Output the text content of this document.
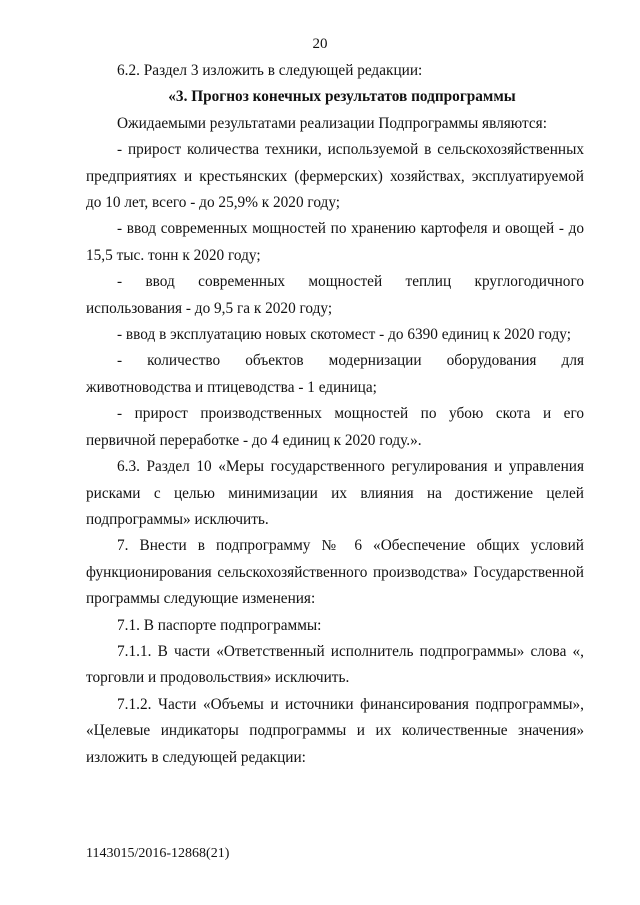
20

6.2. Раздел 3 изложить в следующей редакции:

«3. Прогноз конечных результатов подпрограммы

Ожидаемыми результатами реализации Подпрограммы являются:

- прирост количества техники, используемой в сельскохозяйственных предприятиях и крестьянских (фермерских) хозяйствах, эксплуатируемой до 10 лет, всего - до 25,9% к 2020 году;

- ввод современных мощностей по хранению картофеля и овощей - до 15,5 тыс. тонн к 2020 году;

- ввод современных мощностей теплиц круглогодичного использования - до 9,5 га к 2020 году;

- ввод в эксплуатацию новых скотомест - до 6390 единиц к 2020 году;

- количество объектов модернизации оборудования для животноводства и птицеводства - 1 единица;

- прирост производственных мощностей по убою скота и его первичной переработке - до 4 единиц к 2020 году.».

6.3. Раздел 10 «Меры государственного регулирования и управления рисками с целью минимизации их влияния на достижение целей подпрограммы» исключить.

7. Внести в подпрограмму № 6 «Обеспечение общих условий функционирования сельскохозяйственного производства» Государственной программы следующие изменения:

7.1. В паспорте подпрограммы:

7.1.1. В части «Ответственный исполнитель подпрограммы» слова «, торговли и продовольствия» исключить.

7.1.2. Части «Объемы и источники финансирования подпрограммы», «Целевые индикаторы подпрограммы и их количественные значения» изложить в следующей редакции:

1143015/2016-12868(21)
